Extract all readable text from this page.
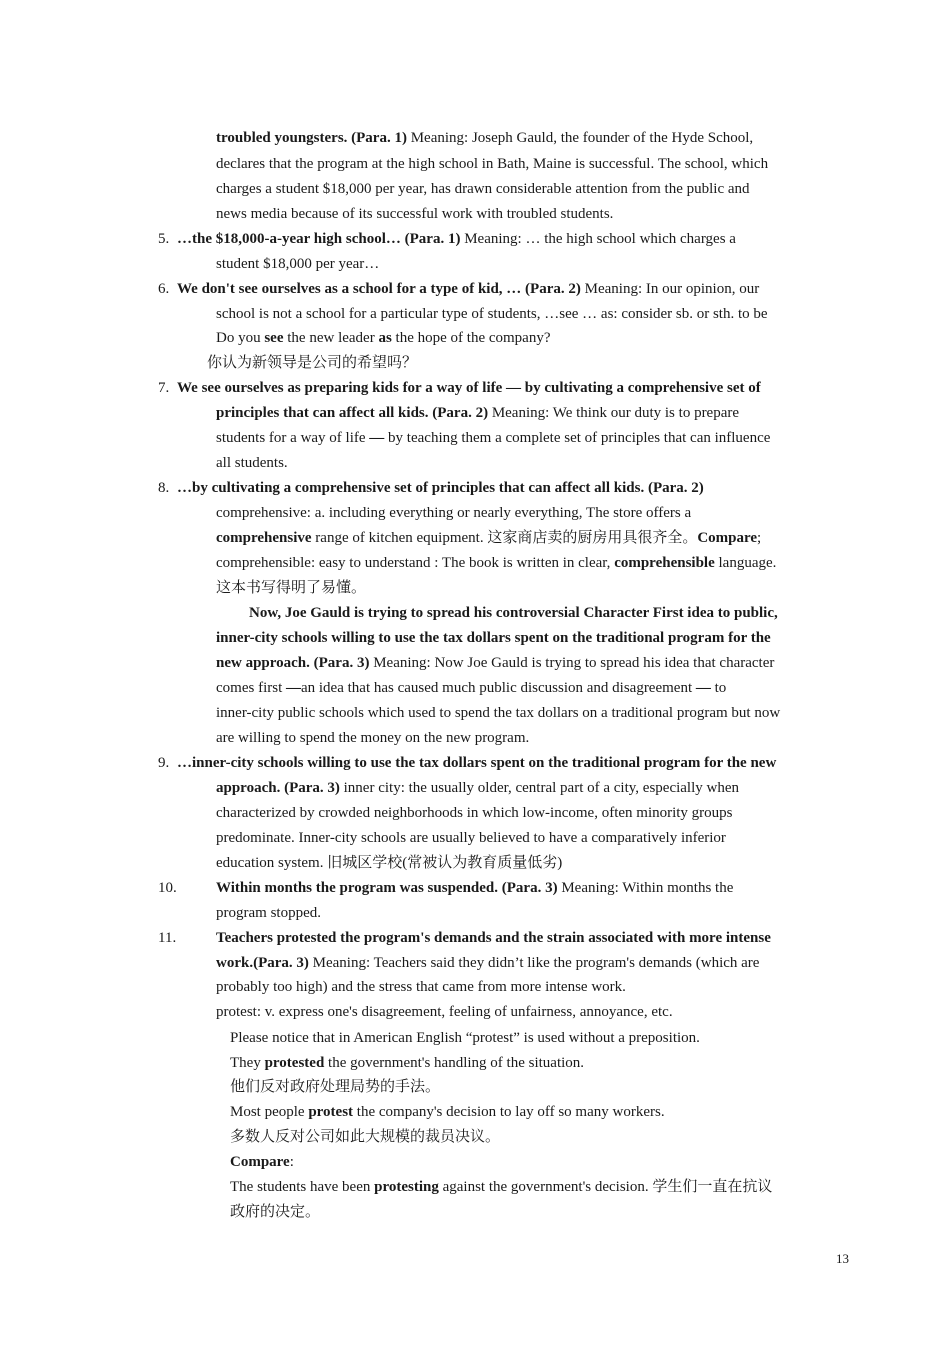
troubled youngsters. (Para. 1) Meaning: Joseph Gauld, the founder of the Hyde School,
declares that the program at the high school in Bath, Maine is successful. The school, which
charges a student $18,000 per year, has drawn considerable attention from the public and
news media because of its successful work with troubled students.
5. …the $18,000-a-year high school… (Para. 1) Meaning: … the high school which charges a
student $18,000 per year…
6. We don't see ourselves as a school for a type of kid, … (Para. 2) Meaning: In our opinion, our
school is not a school for a particular type of students, …see … as: consider sb. or sth. to be
Do you see the new leader as the hope of the company?
你认为新领导是公司的希望吗？
7. We see ourselves as preparing kids for a way of life — by cultivating a comprehensive set of
principles that can affect all kids. (Para. 2) Meaning: We think our duty is to prepare
students for a way of life — by teaching them a complete set of principles that can influence
all students.
8. …by cultivating a comprehensive set of principles that can affect all kids. (Para. 2)
comprehensive: a. including everything or nearly everything, The store offers a
comprehensive range of kitchen equipment. 这家商店卖的厨房用具很齐全。Compare;
comprehensible: easy to understand : The book is written in clear, comprehensible language.
这本书写得明了易懂。
Now, Joe Gauld is trying to spread his controversial Character First idea to public,
inner-city schools willing to use the tax dollars spent on the traditional program for the
new approach. (Para. 3) Meaning: Now Joe Gauld is trying to spread his idea that character
comes first —an idea that has caused much public discussion and disagreement — to
inner-city public schools which used to spend the tax dollars on a traditional program but now
are willing to spend the money on the new program.
9. …inner-city schools willing to use the tax dollars spent on the traditional program for the new
approach. (Para. 3) inner city: the usually older, central part of a city, especially when
characterized by crowded neighborhoods in which low-income, often minority groups
predominate. Inner-city schools are usually believed to have a comparatively inferior
education system. 旧城区学校(常被认为教育质量低劣)
10.	Within months the program was suspended. (Para. 3) Meaning: Within months the
program stopped.
11.	Teachers protested the program's demands and the strain associated with more intense
work.(Para. 3) Meaning: Teachers said they didn’t like the program's demands (which are
probably too high) and the stress that came from more intense work.
protest: v. express one's disagreement, feeling of unfairness, annoyance, etc.
Please notice that in American English “protest” is used without a preposition.
They protested the government's handling of the situation.
他们反对政府处理局势的手法。
Most people protest the company's decision to lay off so many workers.
多数人反对公司如此大规模的裁员决议。
Compare:
The students have been protesting against the government's decision. 学生们一直在抗议
政府的决定。
13
